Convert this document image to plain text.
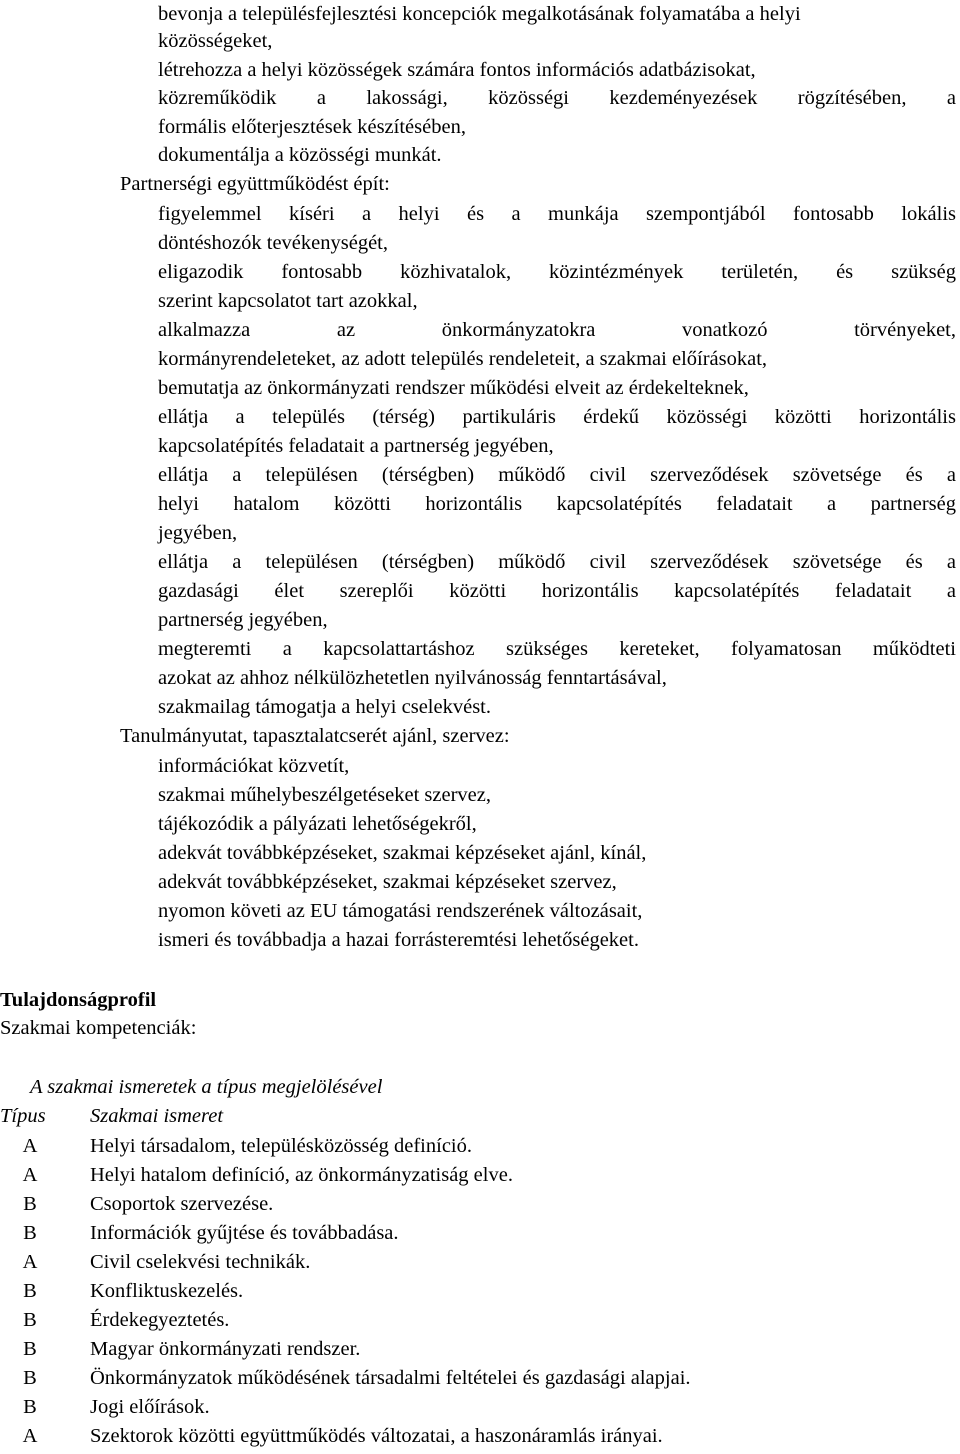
bevonja a településfejlesztési koncepciók megalkotásának folyamatába a helyi
közösségeket,
létrehozza a helyi közösségek számára fontos információs adatbázisokat,
közreműködik a lakossági, közösségi kezdeményezések rögzítésében, a
formális előterjesztések készítésében,
dokumentálja a közösségi munkát.
Partnerségi együttműködést épít:
figyelemmel kíséri a helyi és a munkája szempontjából fontosabb lokális
döntéshozók tevékenységét,
eligazodik fontosabb közhivatalok, közintézmények területén, és szükség
szerint kapcsolatot tart azokkal,
alkalmazza az önkormányzatokra vonatkozó törvényeket,
kormányrendeleteket, az adott település rendeleteit, a szakmai előírásokat,
bemutatja az önkormányzati rendszer működési elveit az érdekelteknek,
ellátja a település (térség) partikuláris érdekű közösségi közötti horizontális
kapcsolatépítés feladatait a partnerség jegyében,
ellátja a településen (térségben) működő civil szerveződések szövetsége és a
helyi hatalom közötti horizontális kapcsolatépítés feladatait a partnerség
jegyében,
ellátja a településen (térségben) működő civil szerveződések szövetsége és a
gazdasági élet szereplői közötti horizontális kapcsolatépítés feladatait a
partnerség jegyében,
megteremti a kapcsolattartáshoz szükséges kereteket, folyamatosan működteti
azokat az ahhoz nélkülözhetetlen nyilvánosság fenntartásával,
szakmailag támogatja a helyi cselekvést.
Tanulmányutat, tapasztalatcserét ajánl, szervez:
információkat közvetít,
szakmai műhelybeszélgetéseket szervez,
tájékozódik a pályázati lehetőségekről,
adekvát továbbképzéseket, szakmai képzéseket ajánl, kínál,
adekvát továbbképzéseket, szakmai képzéseket szervez,
nyomon követi az EU támogatási rendszerének változásait,
ismeri és továbbadja a hazai forrásteremtési lehetőségeket.
Tulajdonságprofil
Szakmai kompetenciák:
A szakmai ismeretek a típus megjelölésével
Típus	Szakmai ismeret
A	Helyi társadalom, településközösség definíció.
A	Helyi hatalom definíció, az önkormányzatiság elve.
B	Csoportok szervezése.
B	Információk gyűjtése és továbbadása.
A	Civil cselekvési technikák.
B	Konfliktuskezelés.
B	Érdekegyeztetés.
B	Magyar önkormányzati rendszer.
B	Önkormányzatok működésének társadalmi feltételei és gazdasági alapjai.
B	Jogi előírások.
A	Szektorok közötti együttműködés változatai, a haszonáramlás irányai.
